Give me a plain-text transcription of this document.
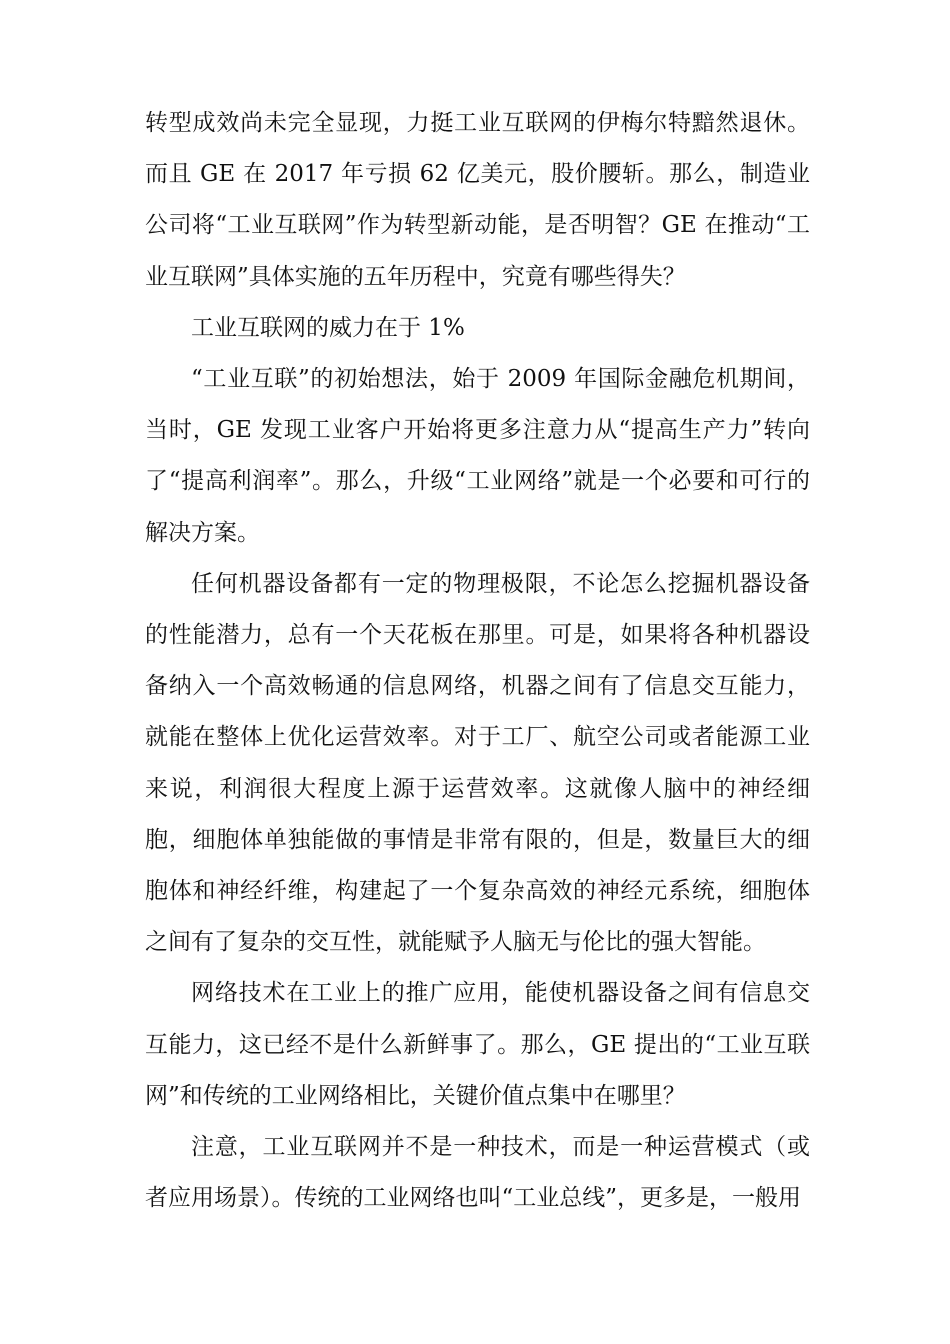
转型成效尚未完全显现，力挺工业互联网的伊梅尔特黯然退休。而且 GE 在 2017 年亏损 62 亿美元，股价腰斩。那么，制造业公司将“工业互联网”作为转型新动能，是否明智？GE 在推动“工业互联网”具体实施的五年历程中，究竟有哪些得失？

工业互联网的威力在于 1%

“工业互联”的初始想法，始于 2009 年国际金融危机期间，当时，GE 发现工业客户开始将更多注意力从“提高生产力”转向了“提高利润率”。那么，升级“工业网络”就是一个必要和可行的解决方案。

任何机器设备都有一定的物理极限，不论怎么挖掘机器设备的性能潜力，总有一个天花板在那里。可是，如果将各种机器设备纳入一个高效畅通的信息网络，机器之间有了信息交互能力，就能在整体上优化运营效率。对于工厂、航空公司或者能源工业来说，利润很大程度上源于运营效率。这就像人脑中的神经细胞，细胞体单独能做的事情是非常有限的，但是，数量巨大的细胞体和神经纤维，构建起了一个复杂高效的神经元系统，细胞体之间有了复杂的交互性，就能赋予人脑无与伦比的强大智能。

网络技术在工业上的推广应用，能使机器设备之间有信息交互能力，这已经不是什么新鲜事了。那么，GE 提出的“工业互联网”和传统的工业网络相比，关键价值点集中在哪里？

注意，工业互联网并不是一种技术，而是一种运营模式（或者应用场景）。传统的工业网络也叫“工业总线”，更多是，一般用
